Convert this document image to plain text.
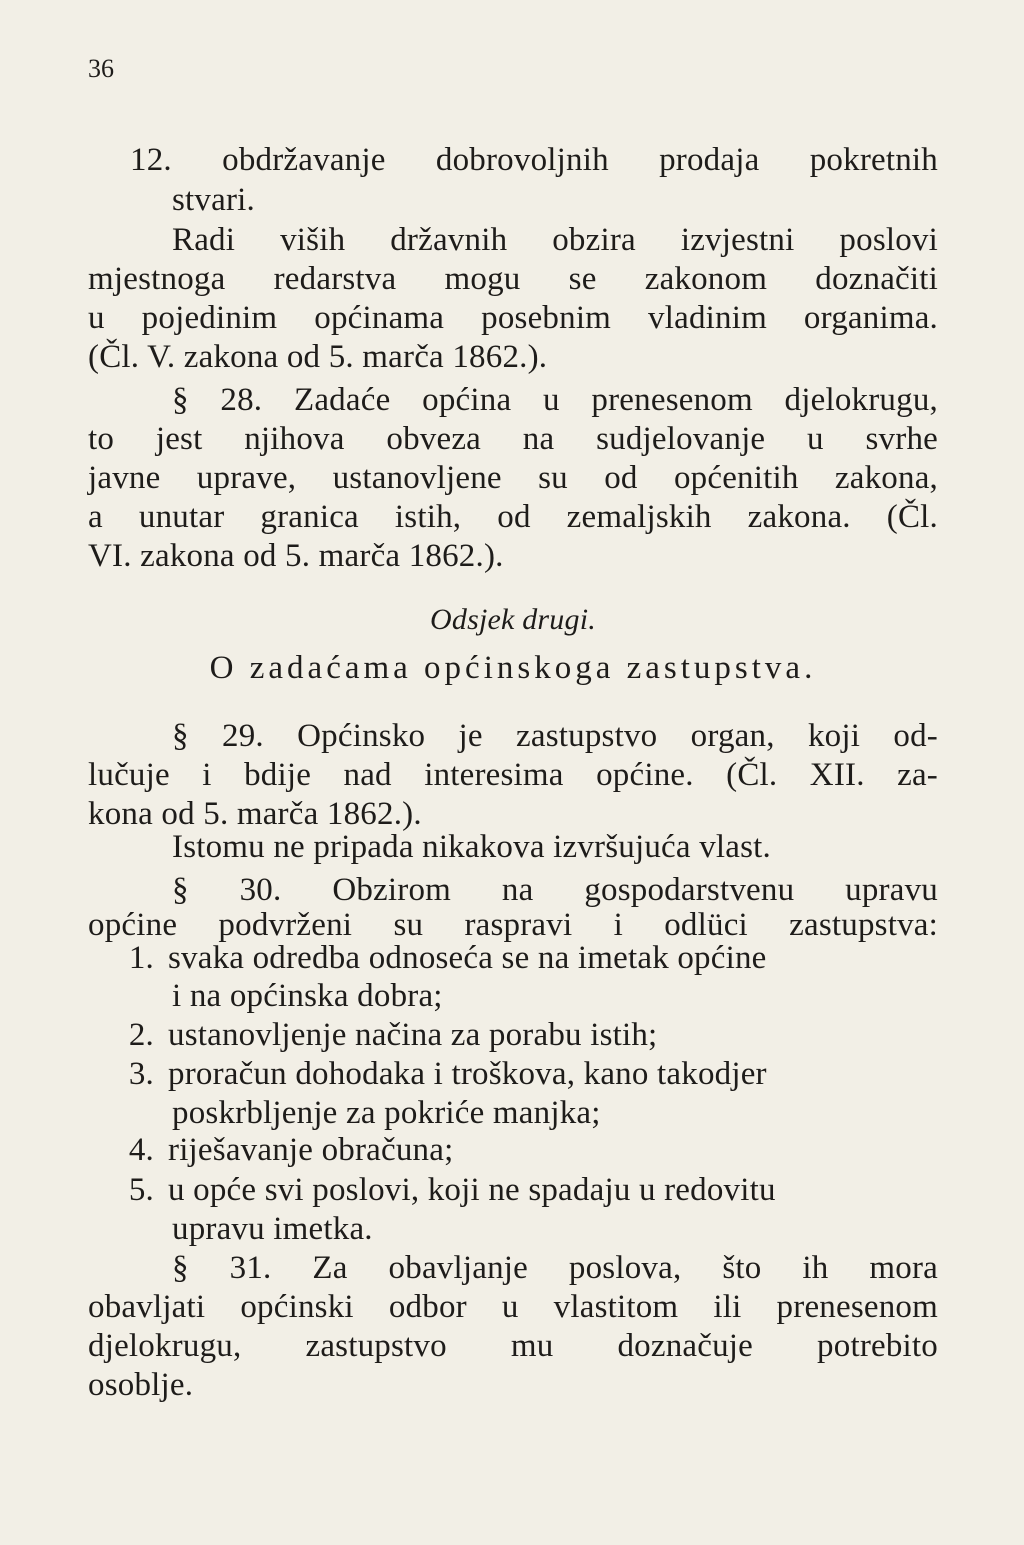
36
12. obdržavanje dobrovoljnih prodaja pokretnih
stvari.
Radi viših državnih obzira izvjestni poslovi
mjestnoga redarstva mogu se zakonom doznačiti
u pojedinim općinama posebnim vladinim organima.
(Čl. V. zakona od 5. marča 1862.).
§ 28. Zadaće općina u prenesenom djelokrugu,
to jest njihova obveza na sudjelovanje u svrhe
javne uprave, ustanovljene su od općenitih zakona,
a unutar granica istih, od zemaljskih zakona. (Čl.
VI. zakona od 5. marča 1862.).
Odsjek drugi.
O zadaćama općinskoga zastupstva.
§ 29. Općinsko je zastupstvo organ, koji od-
lučuje i bdije nad interesima općine. (Čl. XII. za-
kona od 5. marča 1862.).
Istomu ne pripada nikakova izvršujuća vlast.
§ 30. Obzirom na gospodarstvenu upravu
općine podvrženi su raspravi i odlüci zastupstva:
1. svaka odredba odnoseća se na imetak općine
i na općinska dobra;
2. ustanovljenje načina za porabu istih;
3. proračun dohodaka i troškova, kano takodjer
poskrbljenje za pokriće manjka;
4. riješavanje obračuna;
5. u opće svi poslovi, koji ne spadaju u redovitu
upravu imetka.
§ 31. Za obavljanje poslova, što ih mora
obavljati općinski odbor u vlastitom ili prenesenom
djelokrugu, zastupstvo mu doznačuje potrebito
osoblje.
